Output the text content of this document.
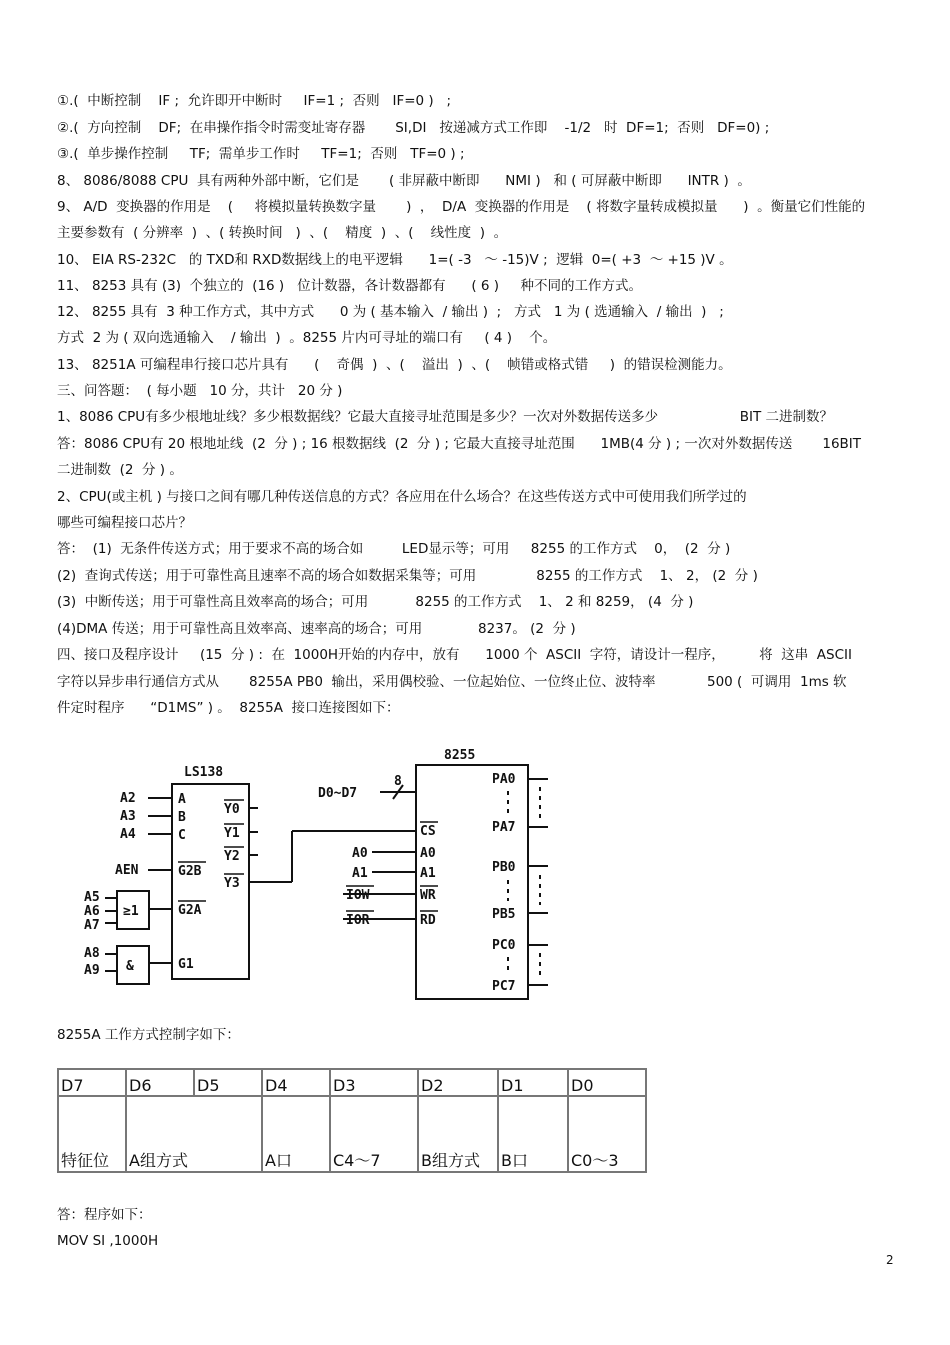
①.(  中断控制    IF ;  允许即开中断时     IF=1 ;  否则   IF=0 )   ;
②.(  方向控制    DF;  在串操作指令时需变址寄存器       SI,DI   按递减方式工作即    -1/2   时  DF=1;  否则   DF=0) ;
③.(  单步操作控制     TF;  需单步工作时     TF=1;  否则   TF=0 ) ;
8、 8086/8088 CPU  具有两种外部中断，它们是       ( 非屏蔽中断即      NMI )   和 ( 可屏蔽中断即      INTR )  。
9、 A/D  变换器的作用是    (     将模拟量转换数字量       )  ，  D/A  变换器的作用是    ( 将数字量转成模拟量      )  。衡量它们性能的
主要参数有  ( 分辨率  )  、( 转换时间   )  、(    精度  )  、(    线性度  )  。
10、 EIA RS-232C   的 TXD和 RXD数据线上的电平逻辑      1=( -3   ～ -15)V ;  逻辑  0=( +3  ～ +15 )V 。
11、 8253 具有 (3)  个独立的  (16 )   位计数器，各计数器都有      ( 6 )     种不同的工作方式。
12、 8255 具有  3 种工作方式，其中方式      0 为 ( 基本输入  / 输出 )  ;   方式   1 为 ( 选通输入  / 输出  )   ;
方式  2 为 ( 双向选通输入    / 输出  )  。8255 片内可寻址的端口有     ( 4 )    个。
13、 8251A 可编程串行接口芯片具有      (    奇偶  )  、(    溢出  )  、(    帧错或格式错     )  的错误检测能力。
三、问答题：  ( 每小题   10 分，共计   20 分 )
1、8086 CPU有多少根地址线？多少根数据线？它最大直接寻址范围是多少？一次对外数据传送多少                   BIT 二进制数？
答：8086 CPU有 20 根地址线  (2  分 ) ; 16 根数据线  (2  分 ) ; 它最大直接寻址范围      1MB(4 分 ) ; 一次对外数据传送       16BIT
二进制数  (2  分 ) 。
2、CPU(或主机 ) 与接口之间有哪几种传送信息的方式？各应用在什么场合？在这些传送方式中可使用我们所学过的
哪些可编程接口芯片？
答：  (1)  无条件传送方式；用于要求不高的场合如         LED显示等；可用     8255 的工作方式    0，  (2  分 )
(2)  查询式传送；用于可靠性高且速率不高的场合如数据采集等；可用              8255 的工作方式    1、 2， (2  分 )
(3)  中断传送；用于可靠性高且效率高的场合；可用           8255 的工作方式    1、 2 和 8259， (4  分 )
(4)DMA 传送；用于可靠性高且效率高、速率高的场合；可用             8237。 (2  分 )
四、接口及程序设计     (15  分 ) :  在  1000H开始的内存中，放有      1000 个  ASCII  字符，请设计一程序，        将  这串  ASCII
字符以异步串行通信方式从       8255A PB0  输出，采用偶校验、一位起始位、一位终止位、波特率            500 (  可调用  1ms 软
件定时程序      “D1MS” ) 。  8255A  接口连接图如下：
8255A 工作方式控制字如下：
答：程序如下：
MOV SI ,1000H
LS138
8255
A
B
C
G2B
G2A
G1
Y0
Y1
Y2
Y3
A2
A3
A4
AEN
A5
A6
A7
A8
A9
≥1
&
D0~D7
8
CS
A0
A1
WR
RD
A0
A1
IOW
IOR
PA0
PA7
PB0
PB5
PC0
PC7
D7	D6	D5	D4	D3	D2	D1	D0
特征位	A组方式		A口	C4～7	B组方式	B口	C0～3
2
